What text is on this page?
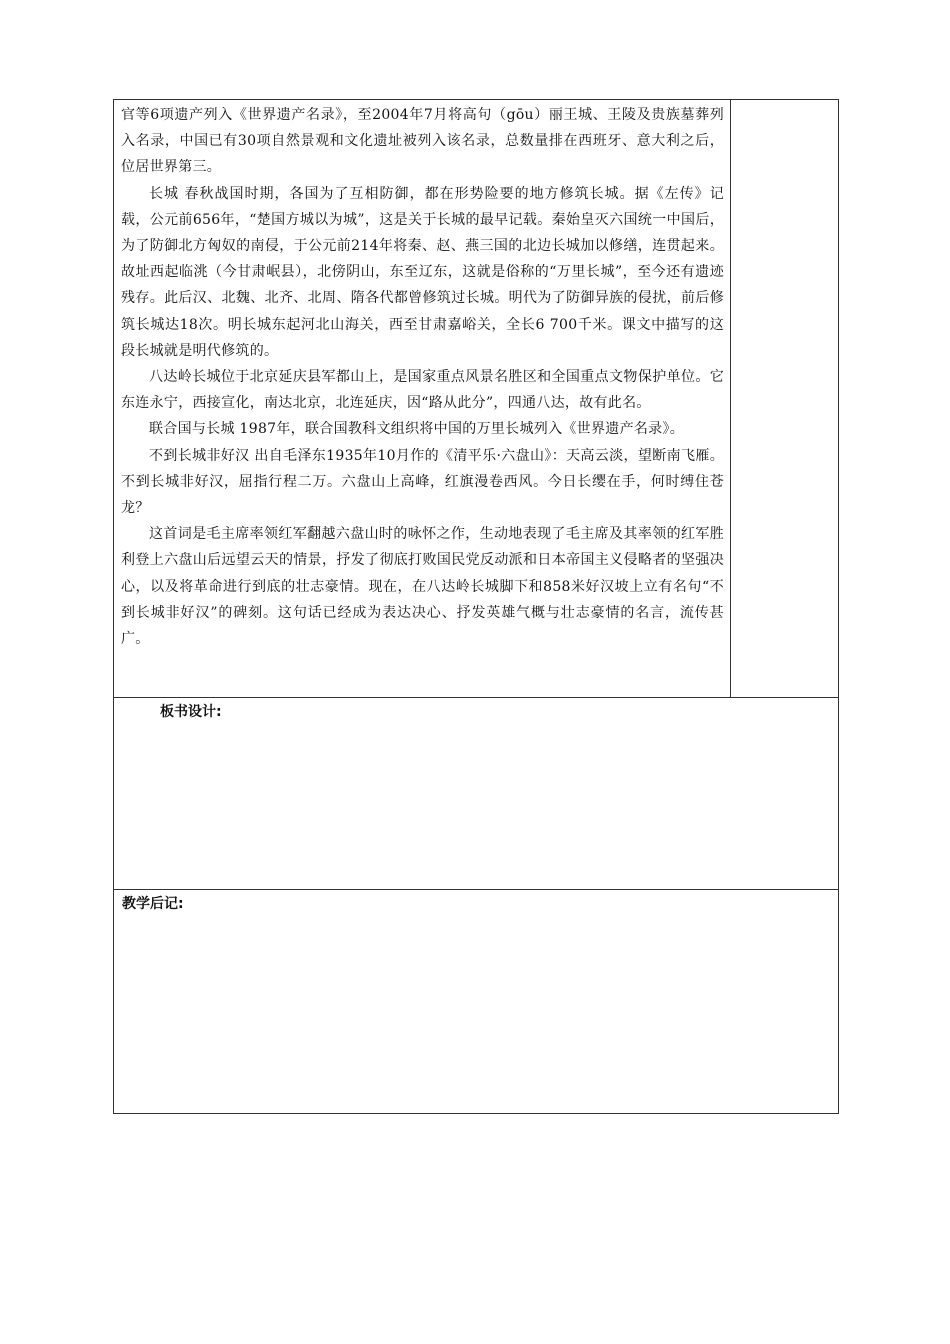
官等6项遗产列入《世界遗产名录》，至2004年7月将高句（gōu）丽王城、王陵及贵族墓葬列入名录，中国已有30项自然景观和文化遗址被列入该名录，总数量排在西班牙、意大利之后，位居世界第三。

长城 春秋战国时期，各国为了互相防御，都在形势险要的地方修筑长城。据《左传》记载，公元前656年，“楚国方城以为城”，这是关于长城的最早记载。秦始皇灭六国统一中国后，为了防御北方匈奴的南侵，于公元前214年将秦、赵、燕三国的北边长城加以修缮，连贯起来。故址西起临洮（今甘肃岷县），北傍阴山，东至辽东，这就是俗称的“万里长城”，至今还有遗迹残存。此后汉、北魏、北齐、北周、隋各代都曾修筑过长城。明代为了防御异族的侵扰，前后修筑长城达18次。明长城东起河北山海关，西至甘肃嘉峪关，全长6 700千米。课文中描写的这段长城就是明代修筑的。

八达岭长城位于北京延庆县军都山上，是国家重点风景名胜区和全国重点文物保护单位。它东连永宁，西接宣化，南达北京，北连延庆，因“路从此分”，四通八达，故有此名。

联合国与长城 1987年，联合国教科文组织将中国的万里长城列入《世界遗产名录》。

不到长城非好汉 出自毛泽东1935年10月作的《清平乐·六盘山》：天高云淡，望断南飞雁。不到长城非好汉，屈指行程二万。六盘山上高峰，红旗漫卷西风。今日长缨在手，何时缚住苍龙？

这首词是毛主席率领红军翻越六盘山时的咏怀之作，生动地表现了毛主席及其率领的红军胜利登上六盘山后远望云天的情景，抒发了彻底打败国民党反动派和日本帝国主义侵略者的坚强决心，以及将革命进行到底的壮志豪情。现在，在八达岭长城脚下和858米好汉坡上立有名句“不到长城非好汉”的碑刻。这句话已经成为表达决心、抒发英雄气概与壮志豪情的名言，流传甚广。

板书设计:

教学后记:
